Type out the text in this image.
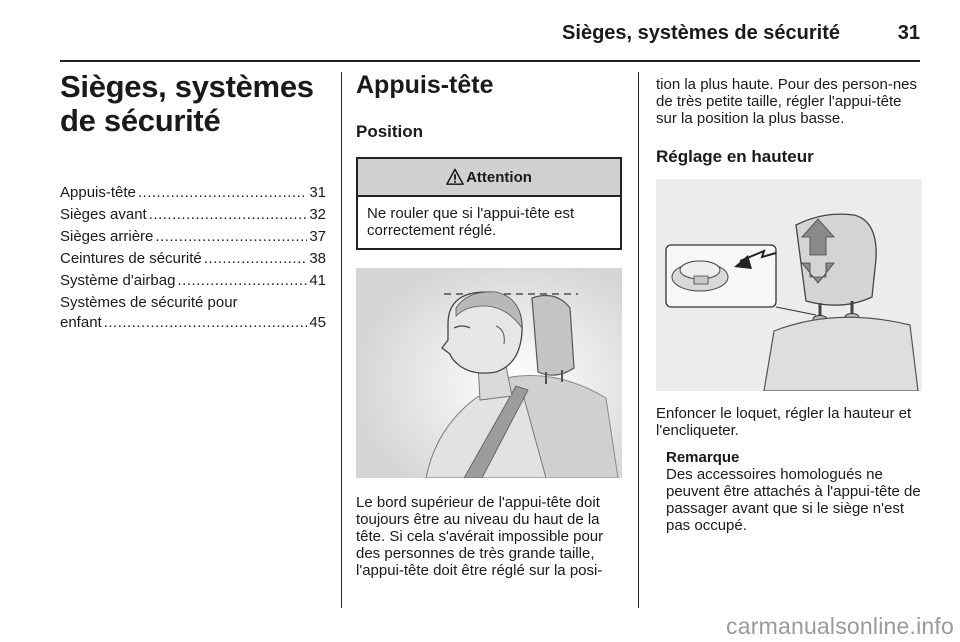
Sièges, systèmes de sécurité	31
Sièges, systèmes de sécurité
Appuis-tête .....	31
Sièges avant .....	32
Sièges arrière .....	37
Ceintures de sécurité .....	38
Système d'airbag .....	41
Systèmes de sécurité pour
enfant .....	45
Appuis-tête
Position
Attention
Ne rouler que si l'appui-tête est correctement réglé.

Le bord supérieur de l'appui-tête doit toujours être au niveau du haut de la tête. Si cela s'avérait impossible pour des personnes de très grande taille, l'appui-tête doit être réglé sur la posi-

tion la plus haute. Pour des person-nes de très petite taille, régler l'appui-tête sur la position la plus basse.

Réglage en hauteur

Enfoncer le loquet, régler la hauteur et l'encliqueter.

Remarque
Des accessoires homologués ne peuvent être attachés à l'appui-tête de passager avant que si le siège n'est pas occupé.
carmanualsonline.info
